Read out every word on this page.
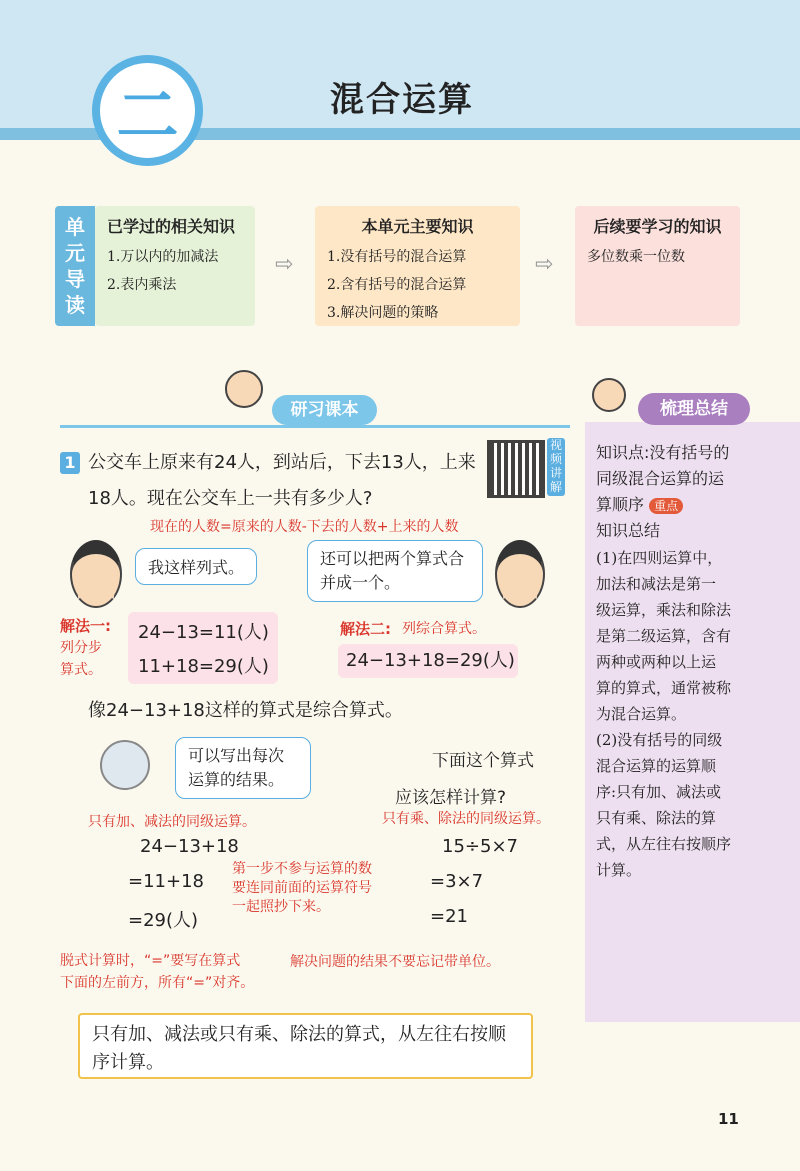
二	混合运算
单
元
导
读
已学过的相关知识
1.万以内的加减法
2.表内乘法
⇨
本单元主要知识
1.没有括号的混合运算
2.含有括号的混合运算
3.解决问题的策略
⇨
后续要学习的知识
多位数乘一位数
研习课本	梳理总结
1 公交车上原来有24人，到站后，下去13人，上来
18人。现在公交车上一共有多少人?
视频讲解
现在的人数=原来的人数-下去的人数+上来的人数
我这样列式。	还可以把两个算式合并成一个。
解法一:
列分步算式。
24−13=11(人)
11+18=29(人)
解法二: 列综合算式。
24−13+18=29(人)
像24−13+18这样的算式是综合算式。
可以写出每次运算的结果。
下面这个算式
应该怎样计算?
只有加、减法的同级运算。	只有乘、除法的同级运算。
24−13+18
=11+18
=29(人)
15÷5×7
=3×7
=21
第一步不参与运算的数
要连同前面的运算符号
一起照抄下来。
脱式计算时，“=”要写在算式
下面的左前方，所有“=”对齐。
解决问题的结果不要忘记带单位。
只有加、减法或只有乘、除法的算式，从左往右按顺
序计算。
知识点:没有括号的
同级混合运算的运
算顺序 重点
知识总结
(1)在四则运算中，
加法和减法是第一
级运算，乘法和除法
是第二级运算，含有
两种或两种以上运
算的算式，通常被称
为混合运算。
(2)没有括号的同级
混合运算的运算顺
序:只有加、减法或
只有乘、除法的算
式，从左往右按顺序
计算。
11
